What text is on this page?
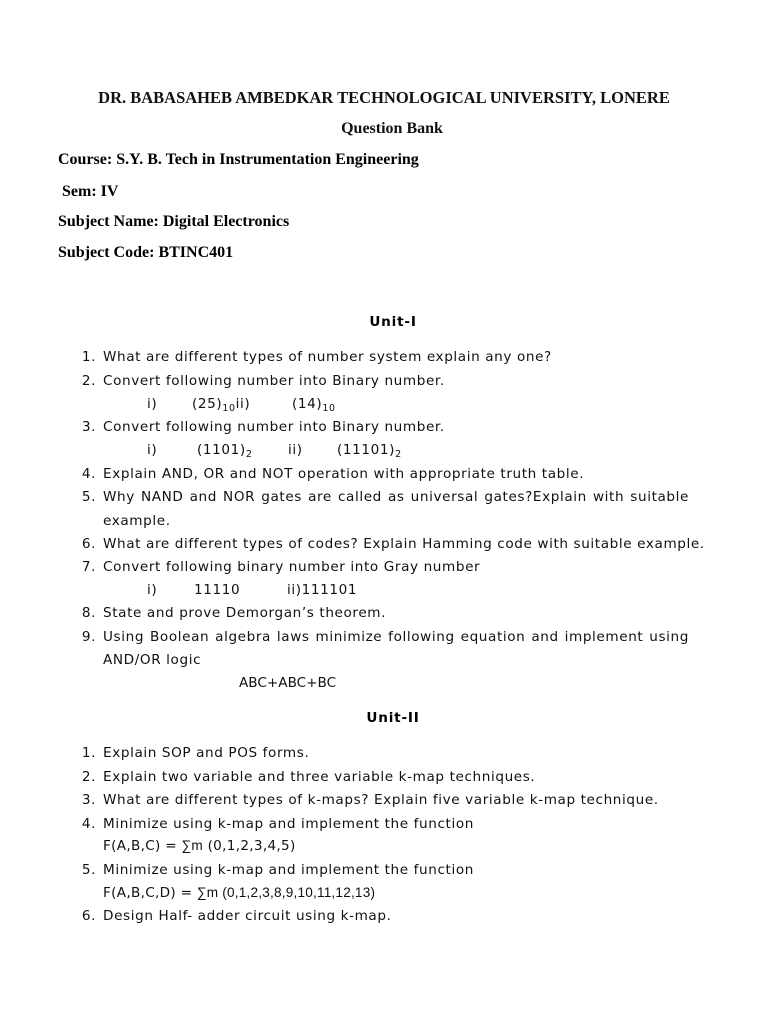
DR. BABASAHEB AMBEDKAR TECHNOLOGICAL UNIVERSITY, LONERE
Question Bank
Course: S.Y. B. Tech in Instrumentation Engineering
Sem: IV
Subject Name: Digital Electronics
Subject Code: BTINC401
Unit-I
1. What are different types of number system explain any one?
2. Convert following number into Binary number.
i)	$(25)_{10}ii$)	$(14)_{10}$
3. Convert following number into Binary number.
i)	$(1101)_2$	ii)	$(11101)_2$
4. Explain AND, OR and NOT operation with appropriate truth table.
5. Why NAND and NOR gates are called as universal gates?Explain with suitable
example.
6. What are different types of codes? Explain Hamming code with suitable example.
7. Convert following binary number into Gray number
i)	11110	ii)111101
8. State and prove Demorgan’s theorem.
9. Using Boolean algebra laws minimize following equation and implement using
AND/OR logic
ABC+ABC+BC
Unit-II
1. Explain SOP and POS forms.
2. Explain two variable and three variable k-map techniques.
3. What are different types of k-maps? Explain five variable k-map technique.
4. Minimize using k-map and implement the function
F(A,B,C) = ∑m (0,1,2,3,4,5)
5. Minimize using k-map and implement the function
F(A,B,C,D) = ∑m (0,1,2,3,8,9,10,11,12,13)
6. Design Half- adder circuit using k-map.
